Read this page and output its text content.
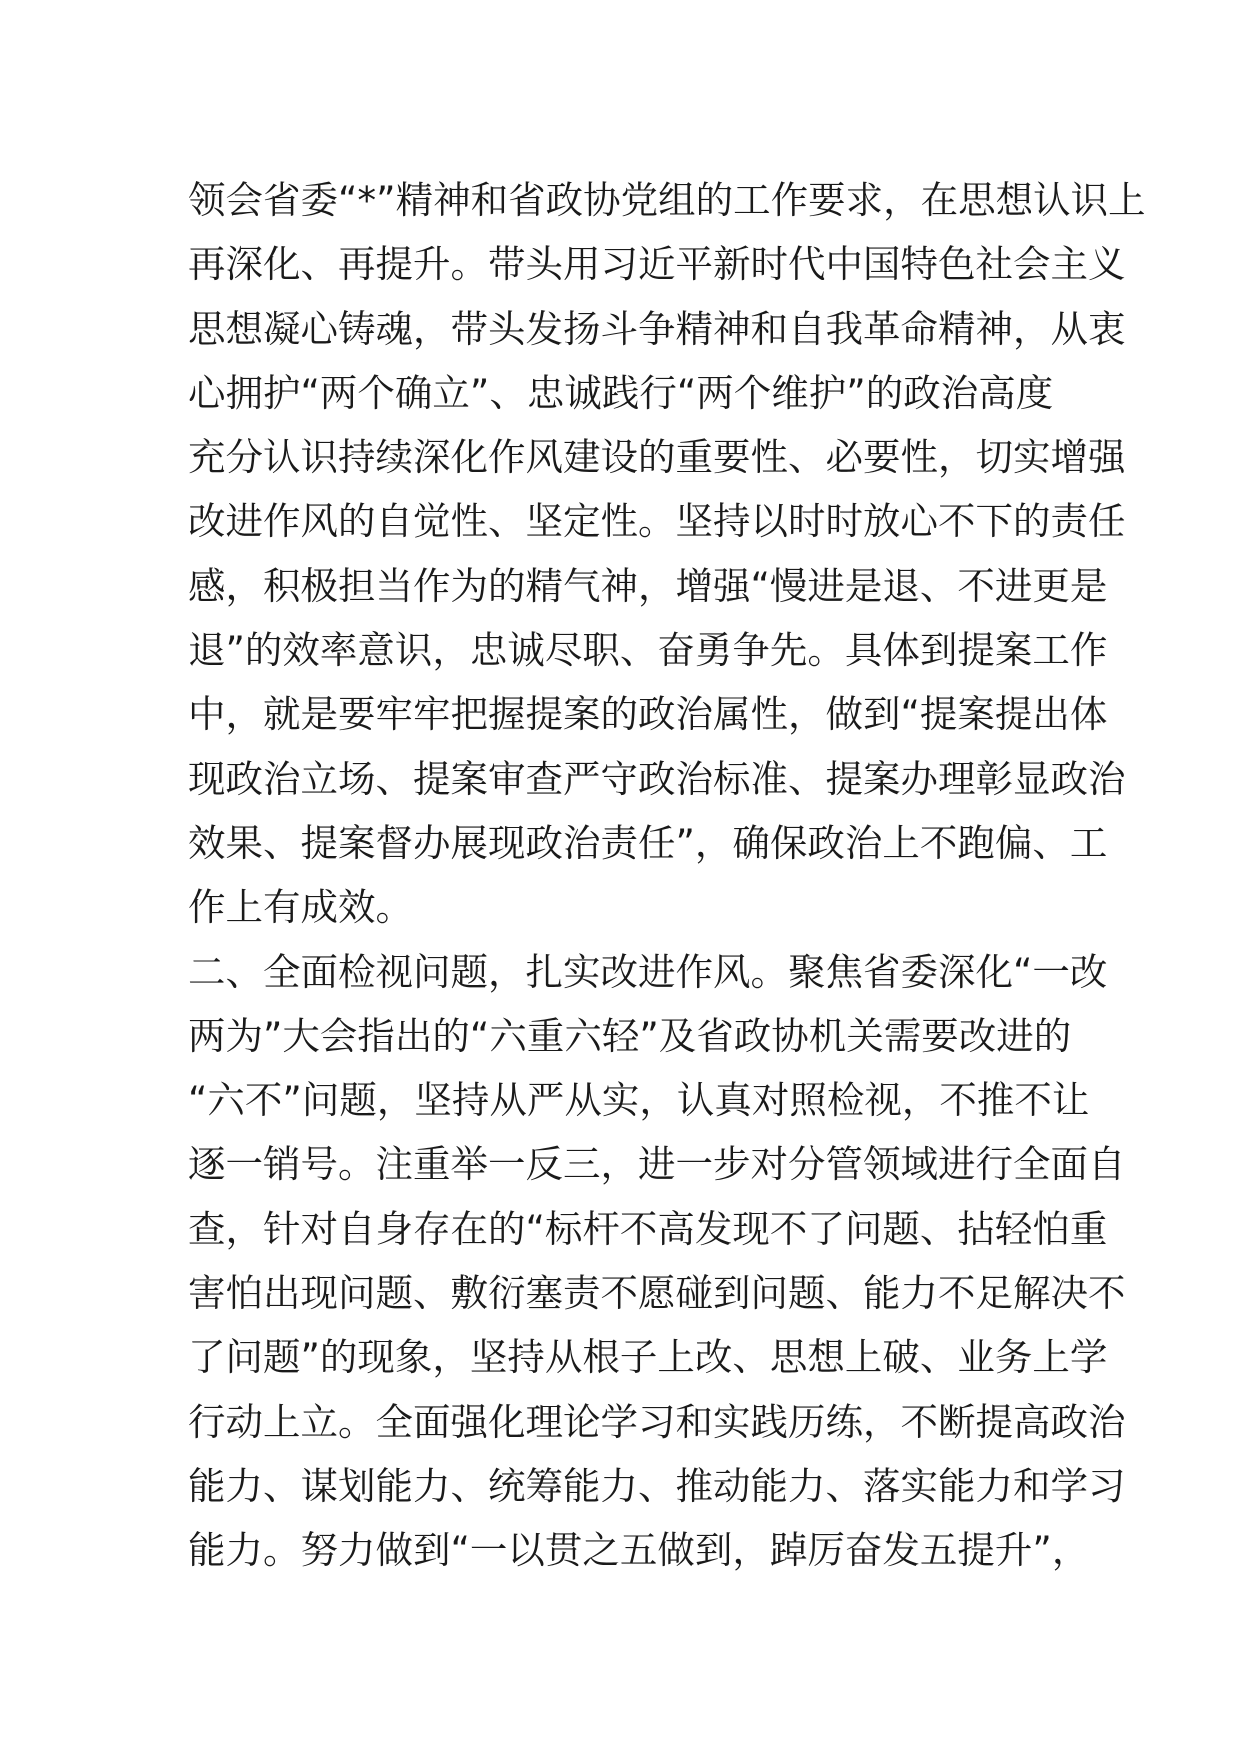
领会省委“*”精神和省政协党组的工作要求，在思想认识上
再深化、再提升。带头用习近平新时代中国特色社会主义
思想凝心铸魂，带头发扬斗争精神和自我革命精神，从衷
心拥护“两个确立”、忠诚践行“两个维护”的政治高度
充分认识持续深化作风建设的重要性、必要性，切实增强
改进作风的自觉性、坚定性。坚持以时时放心不下的责任
感，积极担当作为的精气神，增强“慢进是退、不进更是
退”的效率意识，忠诚尽职、奋勇争先。具体到提案工作
中，就是要牢牢把握提案的政治属性，做到“提案提出体
现政治立场、提案审查严守政治标准、提案办理彰显政治
效果、提案督办展现政治责任”，确保政治上不跑偏、工
作上有成效。
二、全面检视问题，扎实改进作风。聚焦省委深化“一改
两为”大会指出的“六重六轻”及省政协机关需要改进的
“六不”问题，坚持从严从实，认真对照检视，不推不让
逐一销号。注重举一反三，进一步对分管领域进行全面自
查，针对自身存在的“标杆不高发现不了问题、拈轻怕重
害怕出现问题、敷衍塞责不愿碰到问题、能力不足解决不
了问题”的现象，坚持从根子上改、思想上破、业务上学
行动上立。全面强化理论学习和实践历练，不断提高政治
能力、谋划能力、统筹能力、推动能力、落实能力和学习
能力。努力做到“一以贯之五做到，踔厉奋发五提升”，
